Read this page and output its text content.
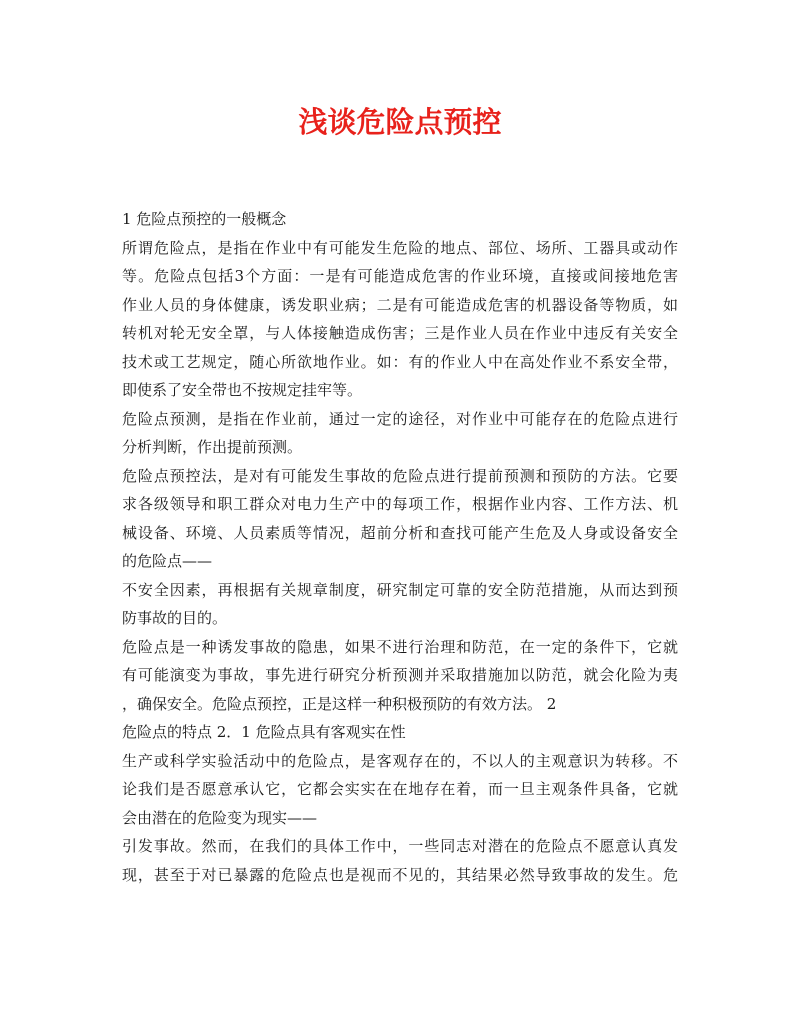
浅谈危险点预控
1 危险点预控的一般概念
所谓危险点，是指在作业中有可能发生危险的地点、部位、场所、工器具或动作
等。危险点包括3个方面：一是有可能造成危害的作业环境，直接或间接地危害
作业人员的身体健康，诱发职业病；二是有可能造成危害的机器设备等物质，如
转机对轮无安全罩，与人体接触造成伤害；三是作业人员在作业中违反有关安全
技术或工艺规定，随心所欲地作业。如：有的作业人中在高处作业不系安全带，
即使系了安全带也不按规定挂牢等。
危险点预测，是指在作业前，通过一定的途径，对作业中可能存在的危险点进行
分析判断，作出提前预测。
危险点预控法，是对有可能发生事故的危险点进行提前预测和预防的方法。它要
求各级领导和职工群众对电力生产中的每项工作，根据作业内容、工作方法、机
械设备、环境、人员素质等情况，超前分析和查找可能产生危及人身或设备安全
的危险点——
不安全因素，再根据有关规章制度，研究制定可靠的安全防范措施，从而达到预
防事故的目的。
危险点是一种诱发事故的隐患，如果不进行治理和防范，在一定的条件下，它就
有可能演变为事故，事先进行研究分析预测并采取措施加以防范，就会化险为夷
，确保安全。危险点预控，正是这样一种积极预防的有效方法。 2
危险点的特点 2．1 危险点具有客观实在性
生产或科学实验活动中的危险点，是客观存在的，不以人的主观意识为转移。不
论我们是否愿意承认它，它都会实实在在地存在着，而一旦主观条件具备，它就
会由潜在的危险变为现实——
引发事故。然而，在我们的具体工作中，一些同志对潜在的危险点不愿意认真发
现，甚至于对已暴露的危险点也是视而不见的，其结果必然导致事故的发生。危
